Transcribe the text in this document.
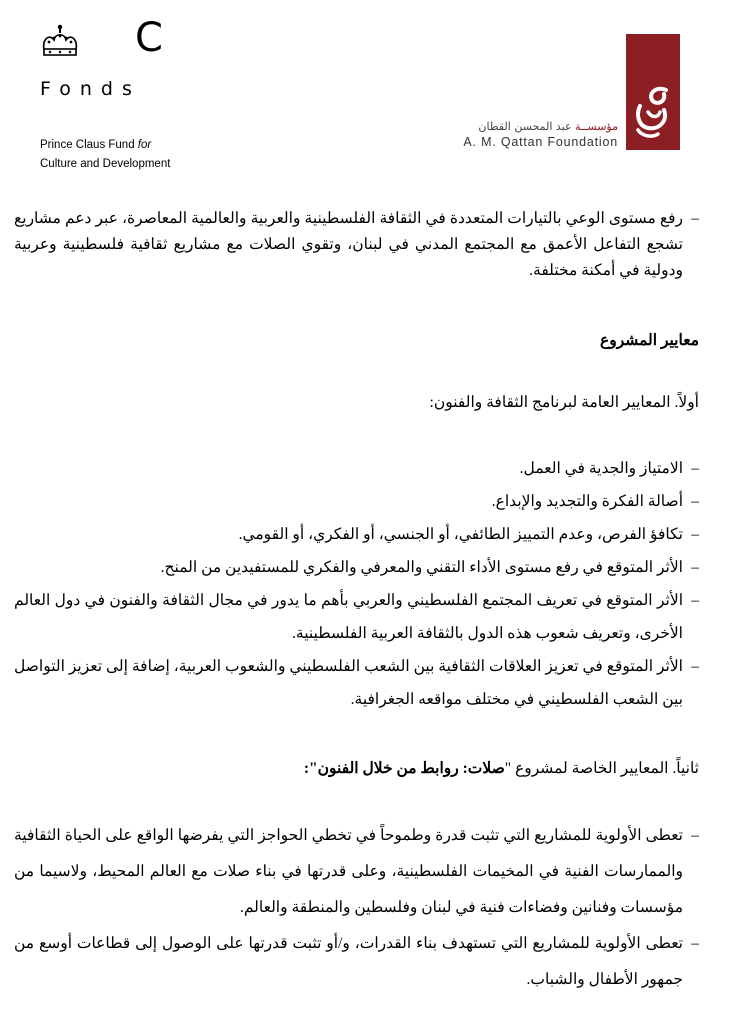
C
Fonds
Prince Claus Fund for
Culture and Development
مؤسســة عبد المحسن القطان
A. M. Qattan Foundation

– رفع مستوى الوعي بالتيارات المتعددة في الثقافة الفلسطينية والعربية والعالمية المعاصرة، عبر دعم مشاريع تشجع التفاعل الأعمق مع المجتمع المدني في لبنان، وتقوي الصلات مع مشاريع ثقافية فلسطينية وعربية ودولية في أمكنة مختلفة.

معايير المشروع

أولاً. المعايير العامة لبرنامج الثقافة والفنون:

– الامتياز والجدية في العمل.

– أصالة الفكرة والتجديد والإبداع.

– تكافؤ الفرص، وعدم التمييز الطائفي، أو الجنسي، أو الفكري، أو القومي.

– الأثر المتوقع في رفع مستوى الأداء التقني والمعرفي والفكري للمستفيدين من المنح.

– الأثر المتوقع في تعريف المجتمع الفلسطيني والعربي بأهم ما يدور في مجال الثقافة والفنون في دول العالم الأخرى، وتعريف شعوب هذه الدول بالثقافة العربية الفلسطينية.

– الأثر المتوقع في تعزيز العلاقات الثقافية بين الشعب الفلسطيني والشعوب العربية، إضافة إلى تعزيز التواصل بين الشعب الفلسطيني في مختلف مواقعه الجغرافية.

ثانياً. المعايير الخاصة لمشروع "صلات: روابط من خلال الفنون":

– تعطى الأولوية للمشاريع التي تثبت قدرة وطموحاً في تخطي الحواجز التي يفرضها الواقع على الحياة الثقافية والممارسات الفنية في المخيمات الفلسطينية، وعلى قدرتها في بناء صلات مع العالم المحيط، ولاسيما من مؤسسات وفنانين وفضاءات فنية في لبنان وفلسطين والمنطقة والعالم.

– تعطى الأولوية للمشاريع التي تستهدف بناء القدرات، و/أو تثبت قدرتها على الوصول إلى قطاعات أوسع من جمهور الأطفال والشباب.
